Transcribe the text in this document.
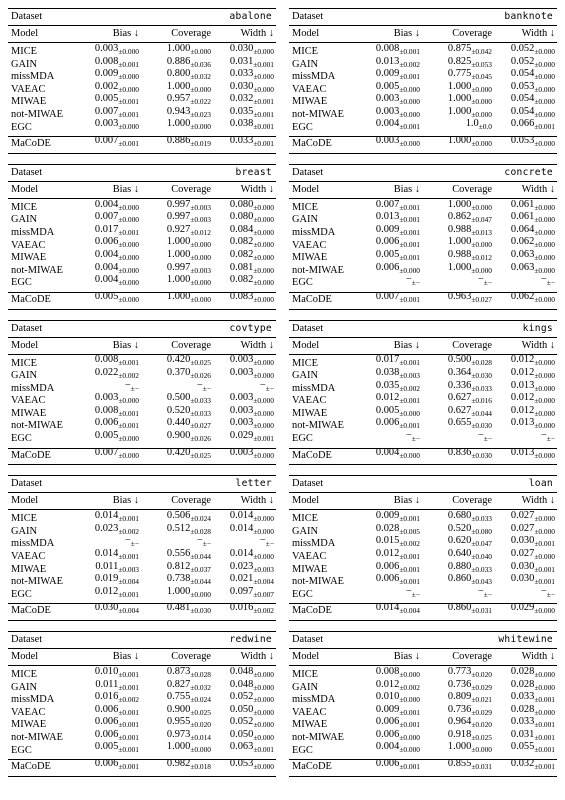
Dataset	abalone
Model	Bias ↓	Coverage	Width ↓
MICE	$0.003_{\pm 0.000}$	$1.000_{\pm 0.000}$	$0.030_{\pm 0.000}$
GAIN	$0.008_{\pm 0.001}$	$0.886_{\pm 0.036}$	$0.031_{\pm 0.001}$
missMDA	$0.009_{\pm 0.000}$	$0.800_{\pm 0.032}$	$0.033_{\pm 0.000}$
VAEAC	$0.002_{\pm 0.000}$	$1.000_{\pm 0.000}$	$0.030_{\pm 0.000}$
MIWAE	$0.005_{\pm 0.001}$	$0.957_{\pm 0.022}$	$0.032_{\pm 0.001}$
not-MIWAE	$0.007_{\pm 0.001}$	$0.943_{\pm 0.023}$	$0.035_{\pm 0.001}$
EGC	$0.003_{\pm 0.000}$	$1.000_{\pm 0.000}$	$0.038_{\pm 0.001}$
MaCoDE	$0.007_{\pm 0.001}$	$0.886_{\pm 0.019}$	$0.033_{\pm 0.001}$
Dataset	banknote
Model	Bias ↓	Coverage	Width ↓
MICE	$0.008_{\pm 0.001}$	$0.875_{\pm 0.042}$	$0.052_{\pm 0.000}$
GAIN	$0.013_{\pm 0.002}$	$0.825_{\pm 0.053}$	$0.052_{\pm 0.000}$
missMDA	$0.009_{\pm 0.001}$	$0.775_{\pm 0.045}$	$0.054_{\pm 0.000}$
VAEAC	$0.005_{\pm 0.000}$	$1.000_{\pm 0.000}$	$0.053_{\pm 0.000}$
MIWAE	$0.003_{\pm 0.000}$	$1.000_{\pm 0.000}$	$0.054_{\pm 0.000}$
not-MIWAE	$0.003_{\pm 0.000}$	$1.000_{\pm 0.000}$	$0.054_{\pm 0.000}$
EGC	$0.004_{\pm 0.001}$	$1.0_{\pm 0.0}$	$0.066_{\pm 0.001}$
MaCoDE	$0.003_{\pm 0.000}$	$1.000_{\pm 0.000}$	$0.053_{\pm 0.000}$
Dataset	breast
Model	Bias ↓	Coverage	Width ↓
MICE	$0.004_{\pm 0.000}$	$0.997_{\pm 0.003}$	$0.080_{\pm 0.000}$
GAIN	$0.007_{\pm 0.000}$	$0.997_{\pm 0.003}$	$0.080_{\pm 0.000}$
missMDA	$0.017_{\pm 0.001}$	$0.927_{\pm 0.012}$	$0.084_{\pm 0.000}$
VAEAC	$0.006_{\pm 0.000}$	$1.000_{\pm 0.000}$	$0.082_{\pm 0.000}$
MIWAE	$0.004_{\pm 0.000}$	$1.000_{\pm 0.000}$	$0.082_{\pm 0.000}$
not-MIWAE	$0.004_{\pm 0.000}$	$0.997_{\pm 0.003}$	$0.081_{\pm 0.000}$
EGC	$0.004_{\pm 0.000}$	$1.000_{\pm 0.000}$	$0.082_{\pm 0.000}$
MaCoDE	$0.005_{\pm 0.000}$	$1.000_{\pm 0.000}$	$0.083_{\pm 0.000}$
Dataset	concrete
Model	Bias ↓	Coverage	Width ↓
MICE	$0.007_{\pm 0.001}$	$1.000_{\pm 0.000}$	$0.061_{\pm 0.000}$
GAIN	$0.013_{\pm 0.001}$	$0.862_{\pm 0.047}$	$0.061_{\pm 0.000}$
missMDA	$0.009_{\pm 0.001}$	$0.988_{\pm 0.013}$	$0.064_{\pm 0.000}$
VAEAC	$0.006_{\pm 0.001}$	$1.000_{\pm 0.000}$	$0.062_{\pm 0.000}$
MIWAE	$0.005_{\pm 0.001}$	$0.988_{\pm 0.012}$	$0.063_{\pm 0.000}$
not-MIWAE	$0.006_{\pm 0.000}$	$1.000_{\pm 0.000}$	$0.063_{\pm 0.000}$
EGC	$-_{\pm-}$	$-_{\pm-}$	$-_{\pm-}$
MaCoDE	$0.007_{\pm 0.001}$	$0.963_{\pm 0.027}$	$0.062_{\pm 0.000}$
Dataset	covtype
Model	Bias ↓	Coverage	Width ↓
MICE	$0.008_{\pm 0.001}$	$0.420_{\pm 0.025}$	$0.003_{\pm 0.000}$
GAIN	$0.022_{\pm 0.002}$	$0.370_{\pm 0.026}$	$0.003_{\pm 0.000}$
missMDA	$-_{\pm-}$	$-_{\pm-}$	$-_{\pm-}$
VAEAC	$0.003_{\pm 0.000}$	$0.500_{\pm 0.033}$	$0.003_{\pm 0.000}$
MIWAE	$0.008_{\pm 0.001}$	$0.520_{\pm 0.033}$	$0.003_{\pm 0.000}$
not-MIWAE	$0.006_{\pm 0.001}$	$0.440_{\pm 0.027}$	$0.003_{\pm 0.000}$
EGC	$0.005_{\pm 0.000}$	$0.900_{\pm 0.026}$	$0.029_{\pm 0.001}$
MaCoDE	$0.007_{\pm 0.000}$	$0.420_{\pm 0.025}$	$0.003_{\pm 0.000}$
Dataset	kings
Model	Bias ↓	Coverage	Width ↓
MICE	$0.017_{\pm 0.001}$	$0.500_{\pm 0.028}$	$0.012_{\pm 0.000}$
GAIN	$0.038_{\pm 0.003}$	$0.364_{\pm 0.030}$	$0.012_{\pm 0.000}$
missMDA	$0.035_{\pm 0.002}$	$0.336_{\pm 0.033}$	$0.013_{\pm 0.000}$
VAEAC	$0.012_{\pm 0.001}$	$0.627_{\pm 0.016}$	$0.012_{\pm 0.000}$
MIWAE	$0.005_{\pm 0.000}$	$0.627_{\pm 0.044}$	$0.012_{\pm 0.000}$
not-MIWAE	$0.006_{\pm 0.001}$	$0.655_{\pm 0.030}$	$0.013_{\pm 0.000}$
EGC	$-_{\pm-}$	$-_{\pm-}$	$-_{\pm-}$
MaCoDE	$0.004_{\pm 0.000}$	$0.836_{\pm 0.030}$	$0.013_{\pm 0.000}$
Dataset	letter
Model	Bias ↓	Coverage	Width ↓
MICE	$0.014_{\pm 0.001}$	$0.506_{\pm 0.024}$	$0.014_{\pm 0.000}$
GAIN	$0.023_{\pm 0.002}$	$0.512_{\pm 0.028}$	$0.014_{\pm 0.000}$
missMDA	$-_{\pm-}$	$-_{\pm-}$	$-_{\pm-}$
VAEAC	$0.014_{\pm 0.001}$	$0.556_{\pm 0.044}$	$0.014_{\pm 0.000}$
MIWAE	$0.011_{\pm 0.003}$	$0.812_{\pm 0.037}$	$0.023_{\pm 0.003}$
not-MIWAE	$0.019_{\pm 0.004}$	$0.738_{\pm 0.044}$	$0.021_{\pm 0.004}$
EGC	$0.012_{\pm 0.001}$	$1.000_{\pm 0.000}$	$0.097_{\pm 0.007}$
MaCoDE	$0.030_{\pm 0.004}$	$0.481_{\pm 0.030}$	$0.016_{\pm 0.002}$
Dataset	loan
Model	Bias ↓	Coverage	Width ↓
MICE	$0.009_{\pm 0.001}$	$0.680_{\pm 0.033}$	$0.027_{\pm 0.000}$
GAIN	$0.028_{\pm 0.005}$	$0.520_{\pm 0.080}$	$0.027_{\pm 0.000}$
missMDA	$0.015_{\pm 0.002}$	$0.620_{\pm 0.047}$	$0.030_{\pm 0.001}$
VAEAC	$0.012_{\pm 0.001}$	$0.640_{\pm 0.040}$	$0.027_{\pm 0.000}$
MIWAE	$0.006_{\pm 0.001}$	$0.880_{\pm 0.033}$	$0.030_{\pm 0.001}$
not-MIWAE	$0.006_{\pm 0.001}$	$0.860_{\pm 0.043}$	$0.030_{\pm 0.001}$
EGC	$-_{\pm-}$	$-_{\pm-}$	$-_{\pm-}$
MaCoDE	$0.014_{\pm 0.004}$	$0.860_{\pm 0.031}$	$0.029_{\pm 0.000}$
Dataset	redwine
Model	Bias ↓	Coverage	Width ↓
MICE	$0.010_{\pm 0.001}$	$0.873_{\pm 0.028}$	$0.048_{\pm 0.000}$
GAIN	$0.011_{\pm 0.001}$	$0.827_{\pm 0.032}$	$0.048_{\pm 0.000}$
missMDA	$0.016_{\pm 0.002}$	$0.755_{\pm 0.024}$	$0.052_{\pm 0.000}$
VAEAC	$0.006_{\pm 0.001}$	$0.900_{\pm 0.025}$	$0.050_{\pm 0.000}$
MIWAE	$0.006_{\pm 0.001}$	$0.955_{\pm 0.020}$	$0.052_{\pm 0.000}$
not-MIWAE	$0.006_{\pm 0.001}$	$0.973_{\pm 0.014}$	$0.050_{\pm 0.000}$
EGC	$0.005_{\pm 0.001}$	$1.000_{\pm 0.000}$	$0.063_{\pm 0.001}$
MaCoDE	$0.006_{\pm 0.001}$	$0.982_{\pm 0.018}$	$0.053_{\pm 0.000}$
Dataset	whitewine
Model	Bias ↓	Coverage	Width ↓
MICE	$0.008_{\pm 0.000}$	$0.773_{\pm 0.020}$	$0.028_{\pm 0.000}$
GAIN	$0.012_{\pm 0.002}$	$0.736_{\pm 0.029}$	$0.028_{\pm 0.000}$
missMDA	$0.010_{\pm 0.000}$	$0.809_{\pm 0.021}$	$0.033_{\pm 0.001}$
VAEAC	$0.009_{\pm 0.001}$	$0.736_{\pm 0.029}$	$0.028_{\pm 0.000}$
MIWAE	$0.006_{\pm 0.001}$	$0.964_{\pm 0.020}$	$0.033_{\pm 0.001}$
not-MIWAE	$0.006_{\pm 0.000}$	$0.918_{\pm 0.025}$	$0.031_{\pm 0.001}$
EGC	$0.004_{\pm 0.000}$	$1.000_{\pm 0.000}$	$0.055_{\pm 0.001}$
MaCoDE	$0.006_{\pm 0.001}$	$0.855_{\pm 0.031}$	$0.032_{\pm 0.001}$
